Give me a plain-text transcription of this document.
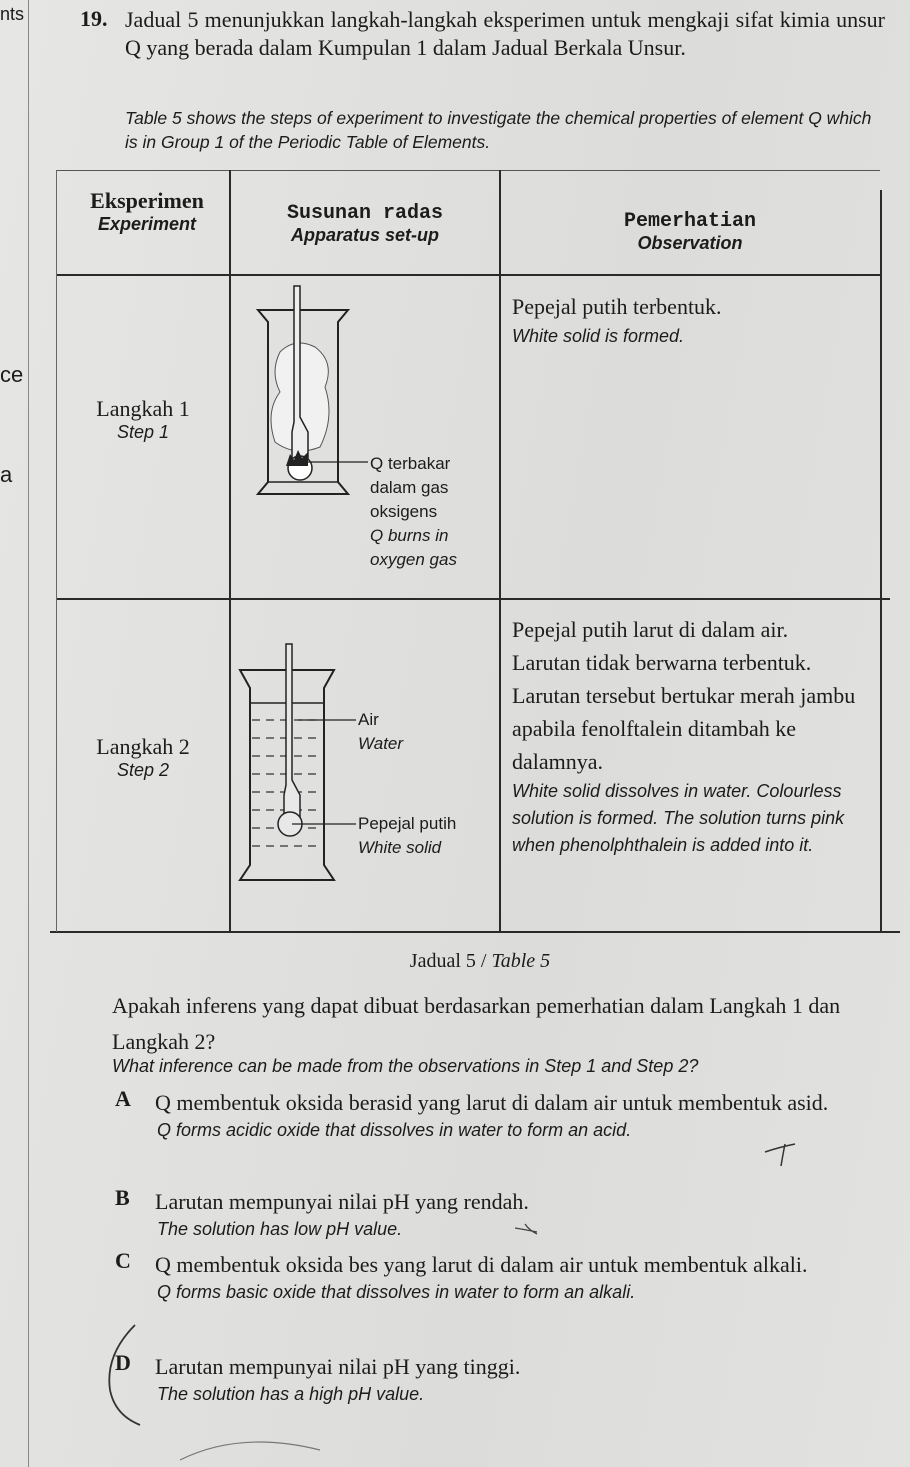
nts
ce
a
19. Jadual 5 menunjukkan langkah-langkah eksperimen untuk mengkaji sifat kimia unsur Q yang berada dalam Kumpulan 1 dalam Jadual Berkala Unsur.
Table 5 shows the steps of experiment to investigate the chemical properties of element Q which is in Group 1 of the Periodic Table of Elements.
Eksperimen
Experiment	Susunan radas
Apparatus set-up
Pemerhatian
Observation
Langkah 1
Step 1
Q terbakar dalam gas oksigens
Q burns in oxygen gas
Pepejal putih terbentuk.
White solid is formed.
Langkah 2
Step 2
Air
Water
Pepejal putih
White solid
Pepejal putih larut di dalam air. Larutan tidak berwarna terbentuk. Larutan tersebut bertukar merah jambu apabila fenolftalein ditambah ke dalamnya.
White solid dissolves in water. Colourless solution is formed. The solution turns pink when phenolphthalein is added into it.
Jadual 5 / Table 5
Apakah inferens yang dapat dibuat berdasarkan pemerhatian dalam Langkah 1 dan Langkah 2?
What inference can be made from the observations in Step 1 and Step 2?
A Q membentuk oksida berasid yang larut di dalam air untuk membentuk asid.
Q forms acidic oxide that dissolves in water to form an acid.
B Larutan mempunyai nilai pH yang rendah.
The solution has low pH value.
C Q membentuk oksida bes yang larut di dalam air untuk membentuk alkali.
Q forms basic oxide that dissolves in water to form an alkali.
D Larutan mempunyai nilai pH yang tinggi.
The solution has a high pH value.
